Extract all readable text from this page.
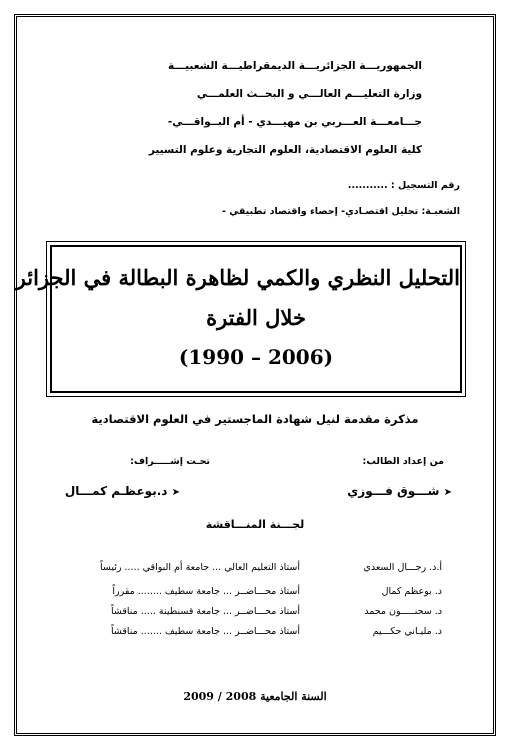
الجمهوريـــة الجزائريـــة الديمقراطيـــة الشعبيـــة
وزارة التعليـــم العالـــي و البحــث العلمـــي
جـــامعـــة العـــربي بن مهيـــدي - أم البــواقـــي-
كلية العلوم الاقتصادية، العلوم التجارية وعلوم التسيير
رقم التسجيل : ...........
الشعبـة: تحليل اقتصـادي- إحصاء واقتصاد تطبيقي -
التحليل النظري والكمي لظاهرة البطالة في الجزائر
خلال الفترة
(1990 – 2006)
مذكرة مقدمة لنيل شهادة الماجستير في العلوم الاقتصادية
من إعداد الطالب:
تحـت إشـــــراف:
➤ شـــوق فـــوزي
➤ د.بوعظـم كمـــال
لجـــنة المنـــاقشة
أ.د. رجـــال السعدي
أستاذ التعليم العالي ... جامعة أم البواقي ..... رئيساً
د. بوعظم كمال
أستاذ محـــاضــر ... جامعة سطيف ........ مقرراً
د. سحنـــــون محمد
أستاذ محـــاضــر ... جامعة قسنطينة ..... مناقشاً
د. مليـاني حكـــيم
أستاذ محـــاضــر ... جامعة سطيف ....... مناقشاً
السنة الجامعية 2008 / 2009
